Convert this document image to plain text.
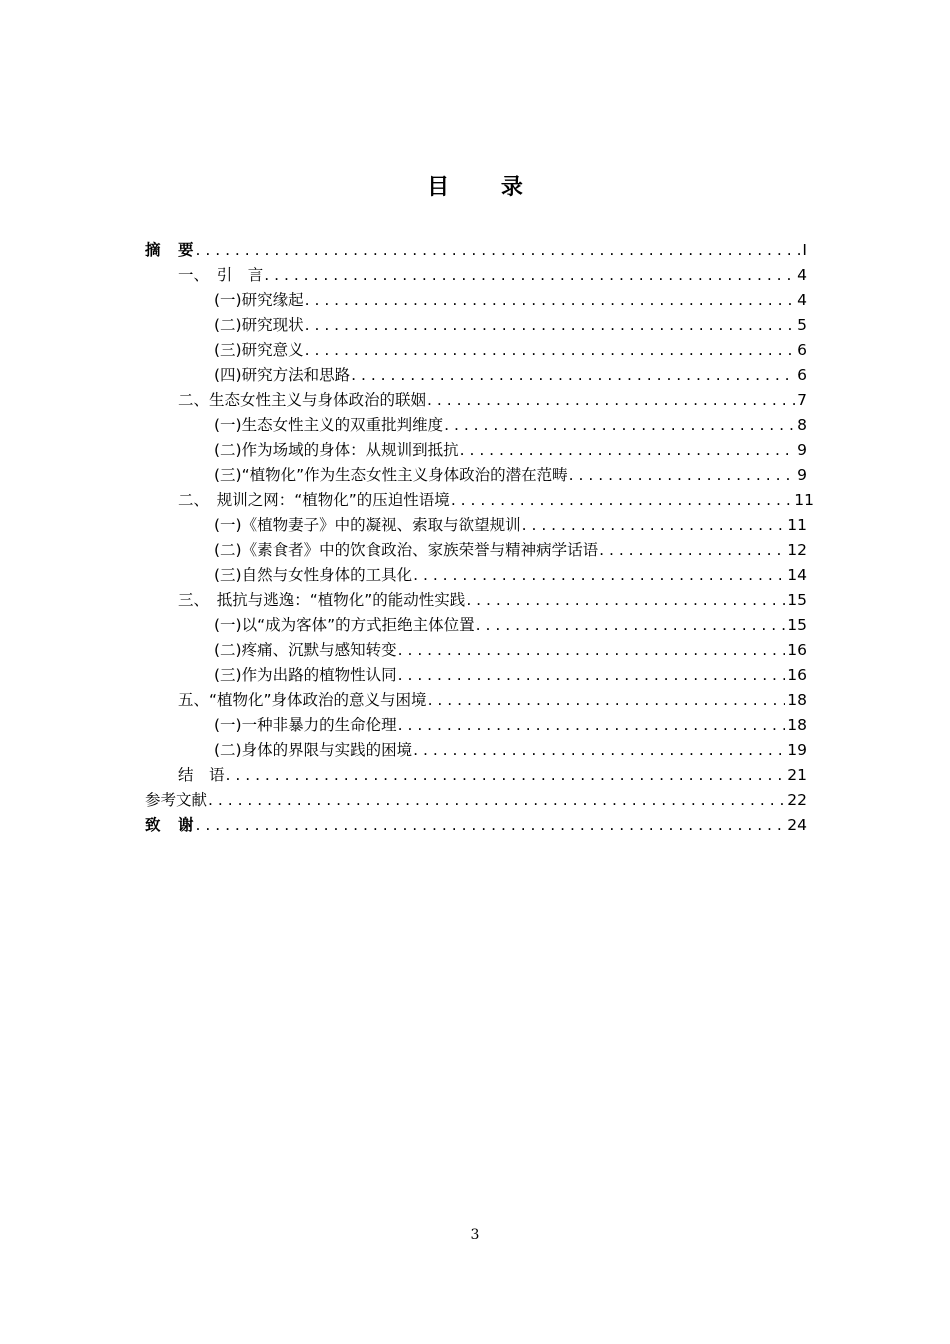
目 录
摘　要 . . .	I
一、　引　言 . . .	4
(一)研究缘起 . . .	4
(二)研究现状 . . .	5
(三)研究意义 . . .	6
(四)研究方法和思路 . . .	6
二、生态女性主义与身体政治的联姻 . . .	7
(一)生态女性主义的双重批判维度 . . .	8
(二)作为场域的身体：从规训到抵抗 . . .	9
(三)“植物化”作为生态女性主义身体政治的潜在范畴 . . .	9
二、　规训之网：“植物化”的压迫性语境 . . .	11
(一)《植物妻子》中的凝视、索取与欲望规训 . . .	11
(二)《素食者》中的饮食政治、家族荣誉与精神病学话语 . . .	12
(三)自然与女性身体的工具化 . . .	14
三、　抵抗与逃逸：“植物化”的能动性实践 . . .	15
(一)以“成为客体”的方式拒绝主体位置 . . .	15
(二)疼痛、沉默与感知转变 . . .	16
(三)作为出路的植物性认同 . . .	16
五、“植物化”身体政治的意义与困境 . . .	18
(一)一种非暴力的生命伦理 . . .	18
(二)身体的界限与实践的困境 . . .	19
结　语 . . .	21
参考文献 . . .	22
致　谢 . . .	24
3
